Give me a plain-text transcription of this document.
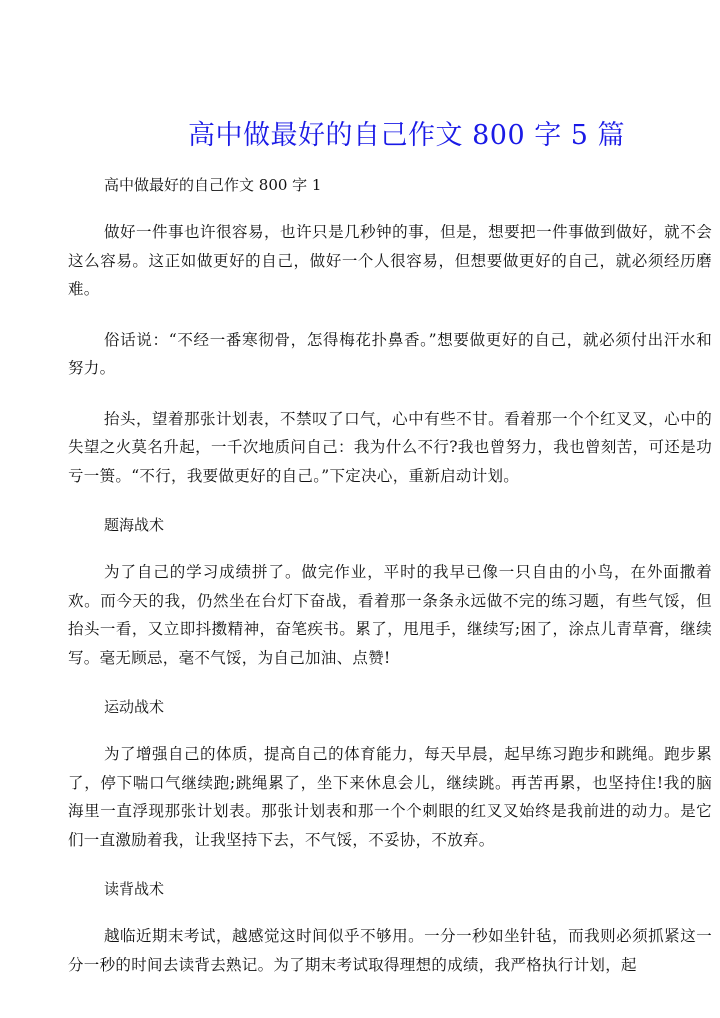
高中做最好的自己作文 800 字 5 篇
高中做最好的自己作文 800 字 1

做好一件事也许很容易，也许只是几秒钟的事，但是，想要把一件事做到做好，就不会这么容易。这正如做更好的自己，做好一个人很容易，但想要做更好的自己，就必须经历磨难。

俗话说：“不经一番寒彻骨，怎得梅花扑鼻香。”想要做更好的自己，就必须付出汗水和努力。

抬头，望着那张计划表，不禁叹了口气，心中有些不甘。看着那一个个红叉叉，心中的失望之火莫名升起，一千次地质问自己：我为什么不行?我也曾努力，我也曾刻苦，可还是功亏一篑。“不行，我要做更好的自己。”下定决心，重新启动计划。

题海战术

为了自己的学习成绩拼了。做完作业，平时的我早已像一只自由的小鸟，在外面撒着欢。而今天的我，仍然坐在台灯下奋战，看着那一条条永远做不完的练习题，有些气馁，但抬头一看，又立即抖擞精神，奋笔疾书。累了，甩甩手，继续写;困了，涂点儿青草膏，继续写。毫无顾忌，毫不气馁，为自己加油、点赞!

运动战术

为了增强自己的体质，提高自己的体育能力，每天早晨，起早练习跑步和跳绳。跑步累了，停下喘口气继续跑;跳绳累了，坐下来休息会儿，继续跳。再苦再累，也坚持住!我的脑海里一直浮现那张计划表。那张计划表和那一个个刺眼的红叉叉始终是我前进的动力。是它们一直激励着我，让我坚持下去，不气馁，不妥协，不放弃。

读背战术

越临近期末考试，越感觉这时间似乎不够用。一分一秒如坐针毡，而我则必须抓紧这一分一秒的时间去读背去熟记。为了期末考试取得理想的成绩，我严格执行计划，起
